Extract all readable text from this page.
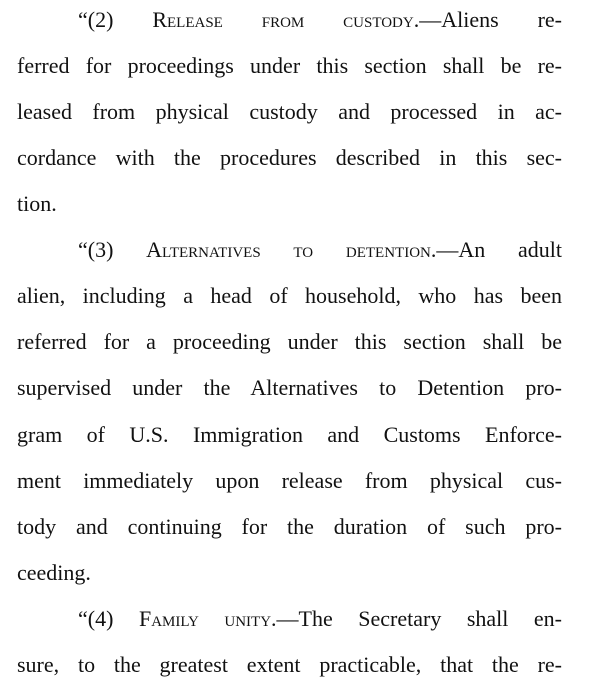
“(2) Release from custody.—Aliens re-
ferred for proceedings under this section shall be re-
leased from physical custody and processed in ac-
cordance with the procedures described in this sec-
tion.
“(3) Alternatives to detention.—An adult
alien, including a head of household, who has been
referred for a proceeding under this section shall be
supervised under the Alternatives to Detention pro-
gram of U.S. Immigration and Customs Enforce-
ment immediately upon release from physical cus-
tody and continuing for the duration of such pro-
ceeding.
“(4) Family unity.—The Secretary shall en-
sure, to the greatest extent practicable, that the re-
